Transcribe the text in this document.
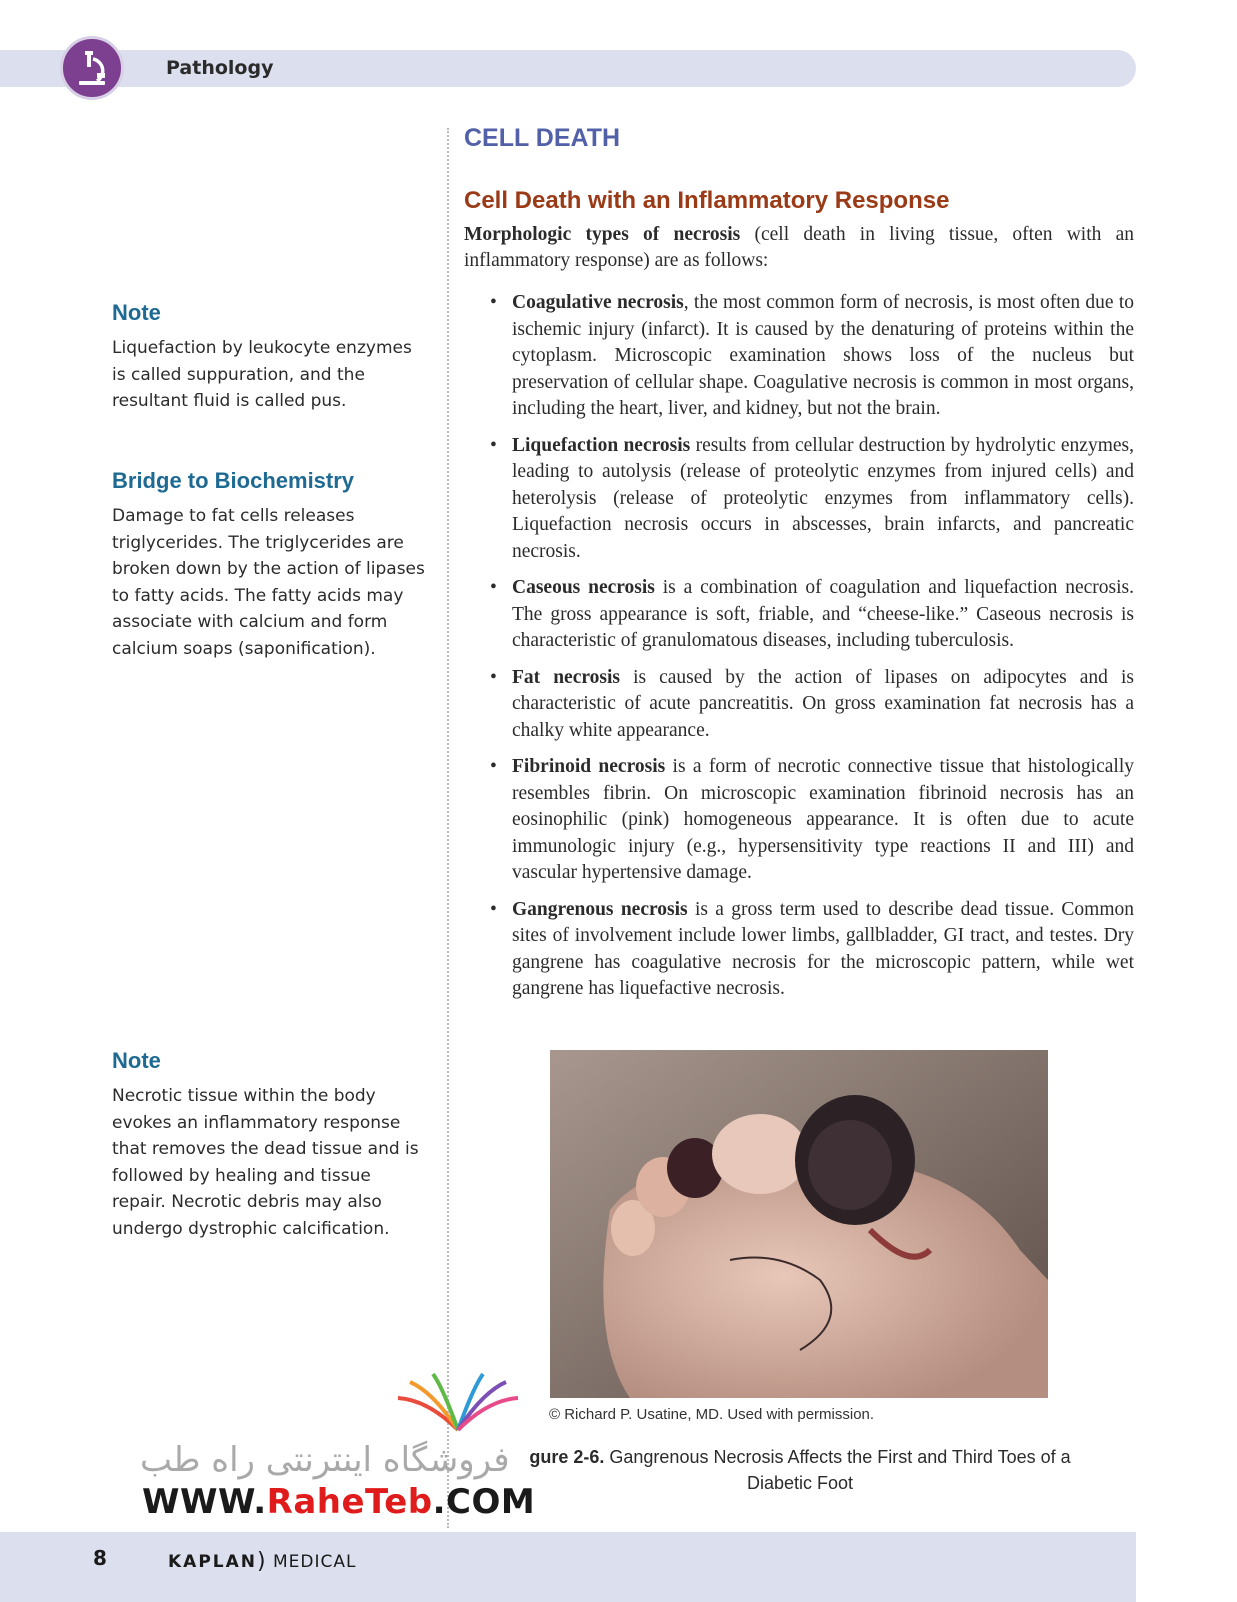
Pathology
Note
Liquefaction by leukocyte enzymes is called suppuration, and the resultant fluid is called pus.
Bridge to Biochemistry
Damage to fat cells releases triglycerides. The triglycerides are broken down by the action of lipases to fatty acids. The fatty acids may associate with calcium and form calcium soaps (saponification).
Note
Necrotic tissue within the body evokes an inflammatory response that removes the dead tissue and is followed by healing and tissue repair. Necrotic debris may also undergo dystrophic calcification.
CELL DEATH
Cell Death with an Inflammatory Response

Morphologic types of necrosis (cell death in living tissue, often with an inflammatory response) are as follows:

• Coagulative necrosis, the most common form of necrosis, is most often due to ischemic injury (infarct). It is caused by the denaturing of proteins within the cytoplasm. Microscopic examination shows loss of the nucleus but preservation of cellular shape. Coagulative necrosis is common in most organs, including the heart, liver, and kidney, but not the brain.
• Liquefaction necrosis results from cellular destruction by hydrolytic enzymes, leading to autolysis (release of proteolytic enzymes from injured cells) and heterolysis (release of proteolytic enzymes from inflammatory cells). Liquefaction necrosis occurs in abscesses, brain infarcts, and pancreatic necrosis.
• Caseous necrosis is a combination of coagulation and liquefaction necrosis. The gross appearance is soft, friable, and “cheese-like.” Caseous necrosis is characteristic of granulomatous diseases, including tuberculosis.
• Fat necrosis is caused by the action of lipases on adipocytes and is characteristic of acute pancreatitis. On gross examination fat necrosis has a chalky white appearance.
• Fibrinoid necrosis is a form of necrotic connective tissue that histologically resembles fibrin. On microscopic examination fibrinoid necrosis has an eosinophilic (pink) homogeneous appearance. It is often due to acute immunologic injury (e.g., hypersensitivity type reactions II and III) and vascular hypertensive damage.
• Gangrenous necrosis is a gross term used to describe dead tissue. Common sites of involvement include lower limbs, gallbladder, GI tract, and testes. Dry gangrene has coagulative necrosis for the microscopic pattern, while wet gangrene has liquefactive necrosis.
© Richard P. Usatine, MD. Used with permission.
gure 2-6. Gangrenous Necrosis Affects the First and Third Toes of a Diabetic Foot
فروشگاه اینترنتی راه طب
WWW.RaheTeb.COM
8	KAPLAN) MEDICAL
